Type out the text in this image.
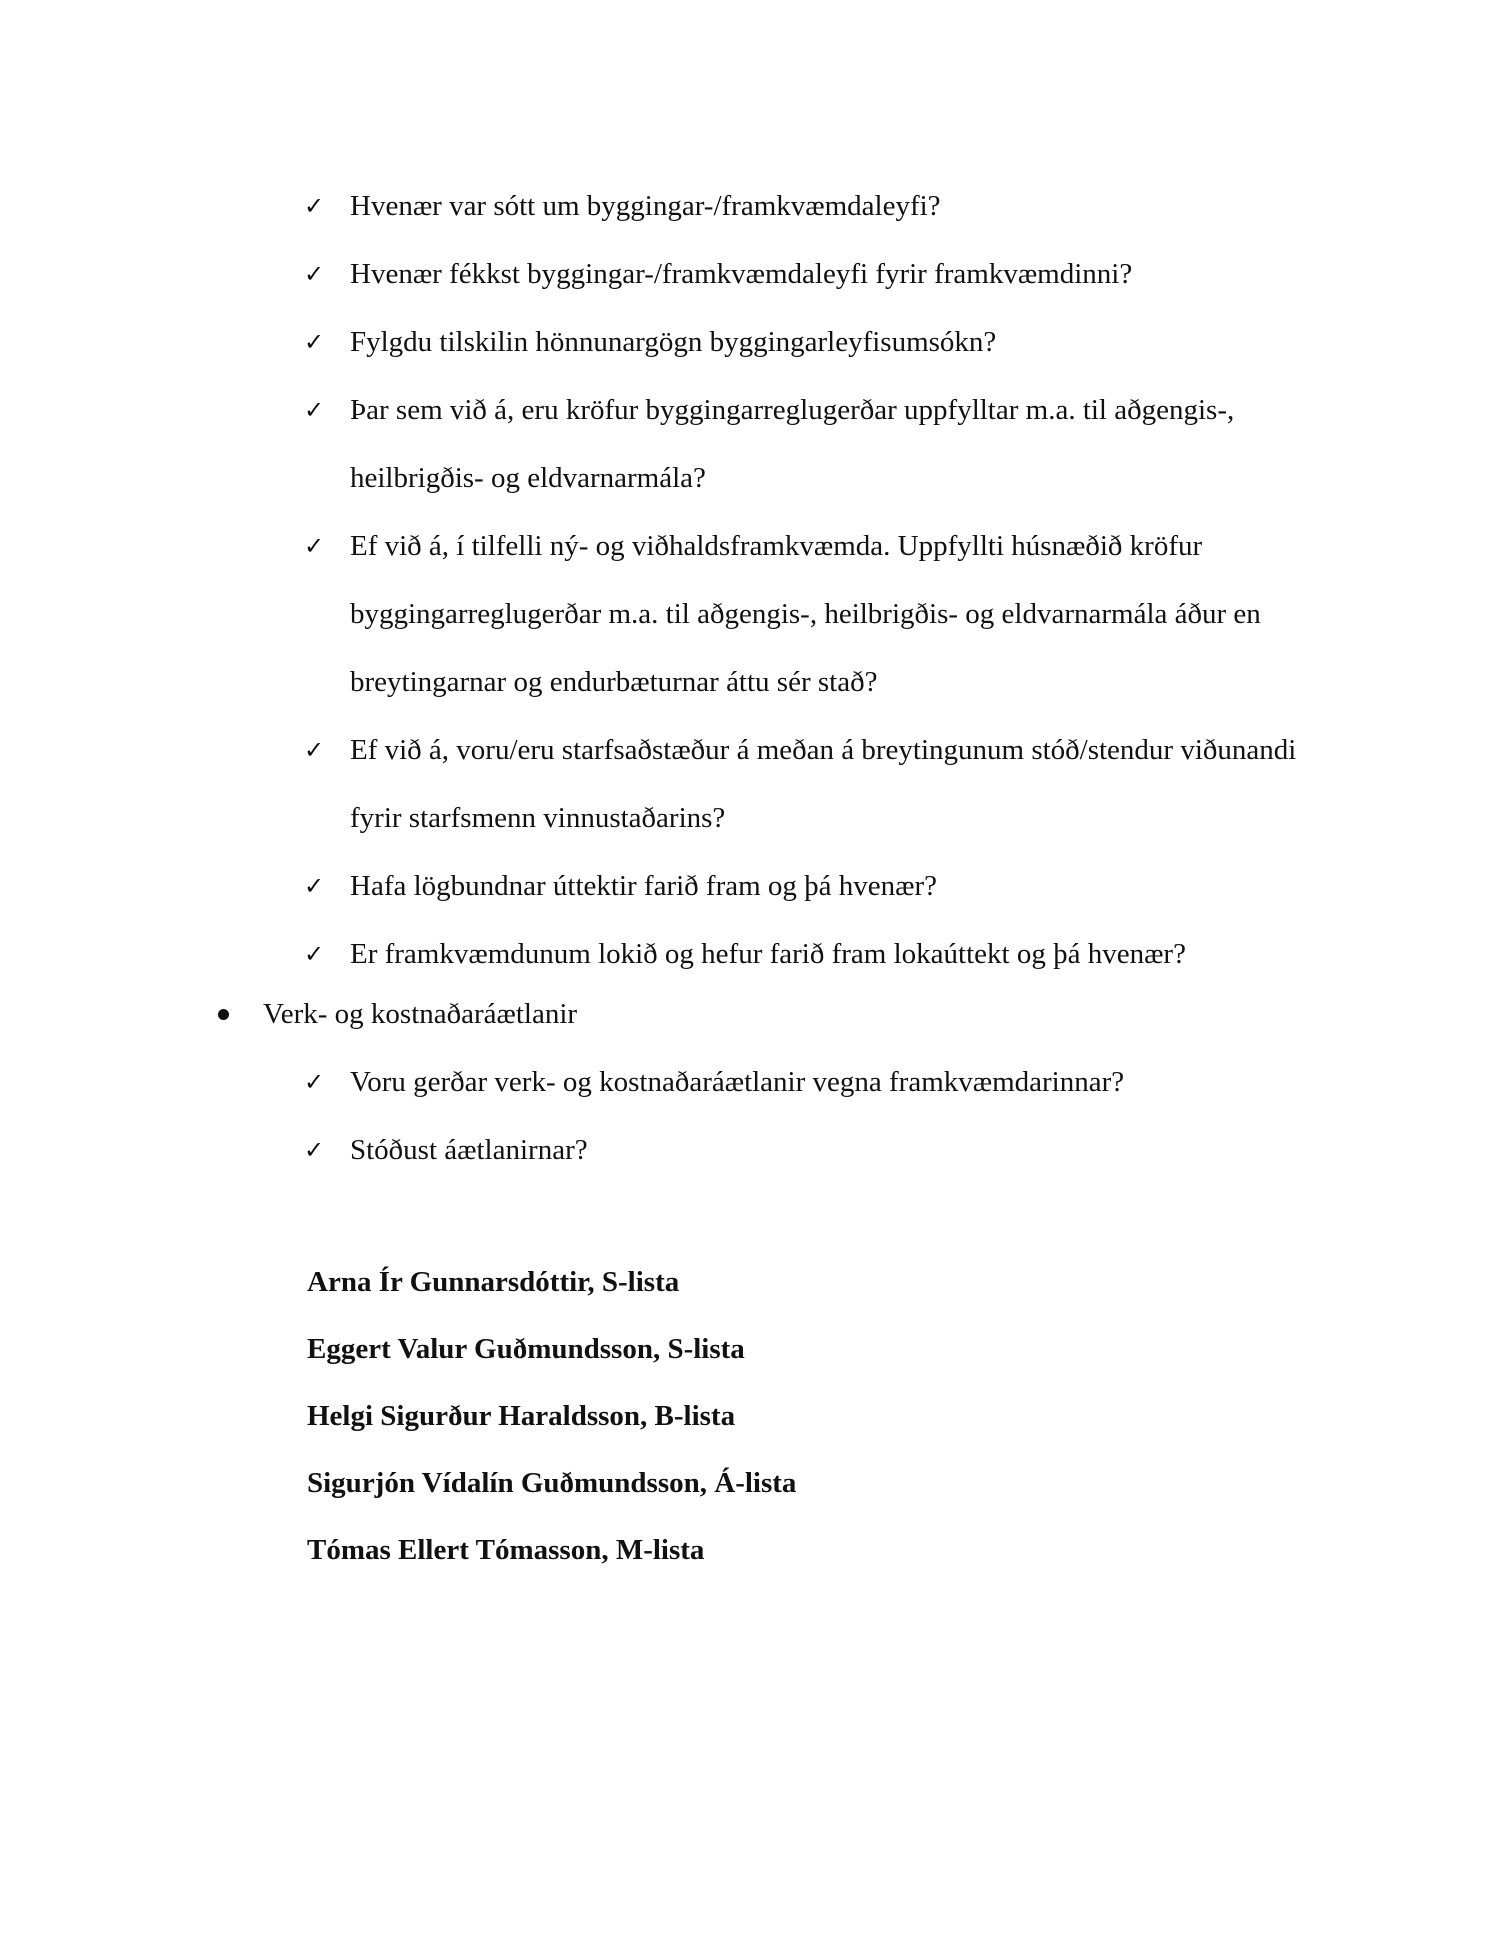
✓ Hvenær var sótt um byggingar-/framkvæmdaleyfi?
✓ Hvenær fékkst byggingar-/framkvæmdaleyfi fyrir framkvæmdinni?
✓ Fylgdu tilskilin hönnunargögn byggingarleyfisumsókn?
✓ Þar sem við á, eru kröfur byggingarreglugerðar uppfylltar m.a. til aðgengis-, heilbrigðis- og eldvarnarmála?
✓ Ef við á, í tilfelli ný- og viðhaldsframkvæmda. Uppfyllti húsnæðið kröfur byggingarreglugerðar m.a. til aðgengis-, heilbrigðis- og eldvarnarmála áður en breytingarnar og endurbæturnar áttu sér stað?
✓ Ef við á, voru/eru starfsaðstæður á meðan á breytingunum stóð/stendur viðunandi fyrir starfsmenn vinnustaðarins?
✓ Hafa lögbundnar úttektir farið fram og þá hvenær?
✓ Er framkvæmdunum lokið og hefur farið fram lokaúttekt og þá hvenær?
Verk- og kostnaðaráætlanir
✓ Voru gerðar verk- og kostnaðaráætlanir vegna framkvæmdarinnar?
✓ Stóðust áætlanirnar?
Arna Ír Gunnarsdóttir, S-lista
Eggert Valur Guðmundsson, S-lista
Helgi Sigurður Haraldsson, B-lista
Sigurjón Vídalín Guðmundsson, Á-lista
Tómas Ellert Tómasson, M-lista
